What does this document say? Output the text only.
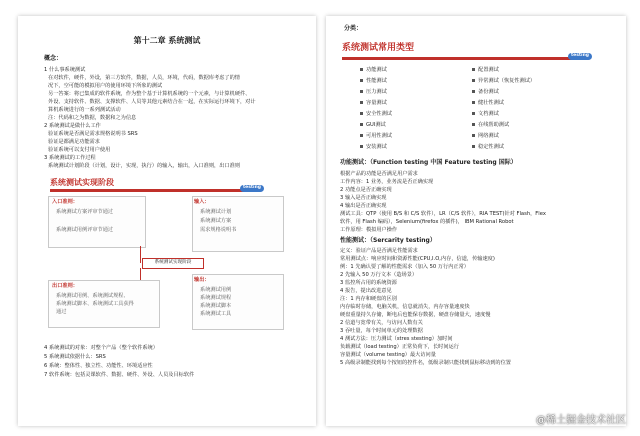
第十二章 系统测试
概念：
1 什么事系统测试
在对软件，硬件，外设，第三方软件，数据，人员，环境，代码，数据库考虑了的情
况下，空可能的模拟用户的使用环境下所象的测试
另一答案：将已集成的软件系统，作为整个基于计算机系统的一个元素，与计算机硬件、
外设、支持软件、数据、支撑软件、人员等其他元素结合在一起，在实际运行环境下，对计
算机系统进行的一系列测试活动
注：代码和之为数据，数据和之为信息
2 系统测试是做什么工作
验证系统是否满足需求规格说明书 SRS
验证是都满足功能需求
验证系统可以支付用户使用
3 系统测试的工作过程
系统测试计划阶段（计划，设计，实现，执行）的输入，输出，入口准则，出口准则
系统测试实现阶段
testing
入口准则：
系统测试方案评审节通过
系统测试用例评审节通过
输入：
系统测试计划
系统测试方案
需求规格说明书
系统测试实现阶段
出口准则：
系统测试用例、系统测试规程、
系统测试脚本、系统测试工具获得
通过
输出：
系统测试用例
系统测试规程
系统测试脚本
系统测试工具
4 系统测试的对象：对整个产品（整个软件系统）
5 系统测试依据什么：SRS
6 系统：整体性、独立性、功能性、环境适应性
7 软件系统：包括灵课软件、数据、硬件、外设、人员及目标软件
分类：
系统测试常用类型
testing
功能测试
性能测试
压力测试
容量测试
安全性测试
GUI测试
可用性测试
安装测试
配置测试
异常测试（恢复性测试）
备份测试
健壮性测试
文档测试
在线帮助测试
网络测试
稳定性测试
功能测试：（Function testing 中国 Feature testing 国际）
根据产品的功能是否满足用户需求
工作内容：1 业务，业务流是否正确实现
2 功能点是否正确实现
3 输入是否正确实现
4 输出是否正确实现
测试工具：QTP（使用 B/S 和 C/S 软件），LR（C/S 软件），RIA TEST(针对 Flash，Flex
软件，用 Flash 编码），Selenium(firefox 的插件)， IBM Rational Robot
工作原理：模拟用户操作
性能测试：（Sercarity testing）
定义：验证产品是否满足性能需求
常用测试点：响应时间和资源性能(CPU,I.O,内存，信道，传输速度)
例：1 先确认要了解的性能需求（加入 50 万行内正常）
2 先输入 50 万行文本（造场景）
3 监控所占用的系统资源
4 报告，提出改进意见
注：1 内存和硬盘的区别
内存临时存储，电脑关机，信息就消失，内存容量速度快
硬盘重量持久存储，断电后也能保存数据，硬盘存储量大，速度慢
2 信道与宽带有关，与访问人数有关
3 吞吐量，每个时间单元的处理数据
4 测试方法：压力测试（stres stesting）加时间
负载测试（load testing）正常负荷下，长时间运行
容量测试（volume testing）最大访问量
5 高级录制能找到每个按钮的控件名，低级录制只能找到鼠标移动到的位置
@稀土掘金技术社区
